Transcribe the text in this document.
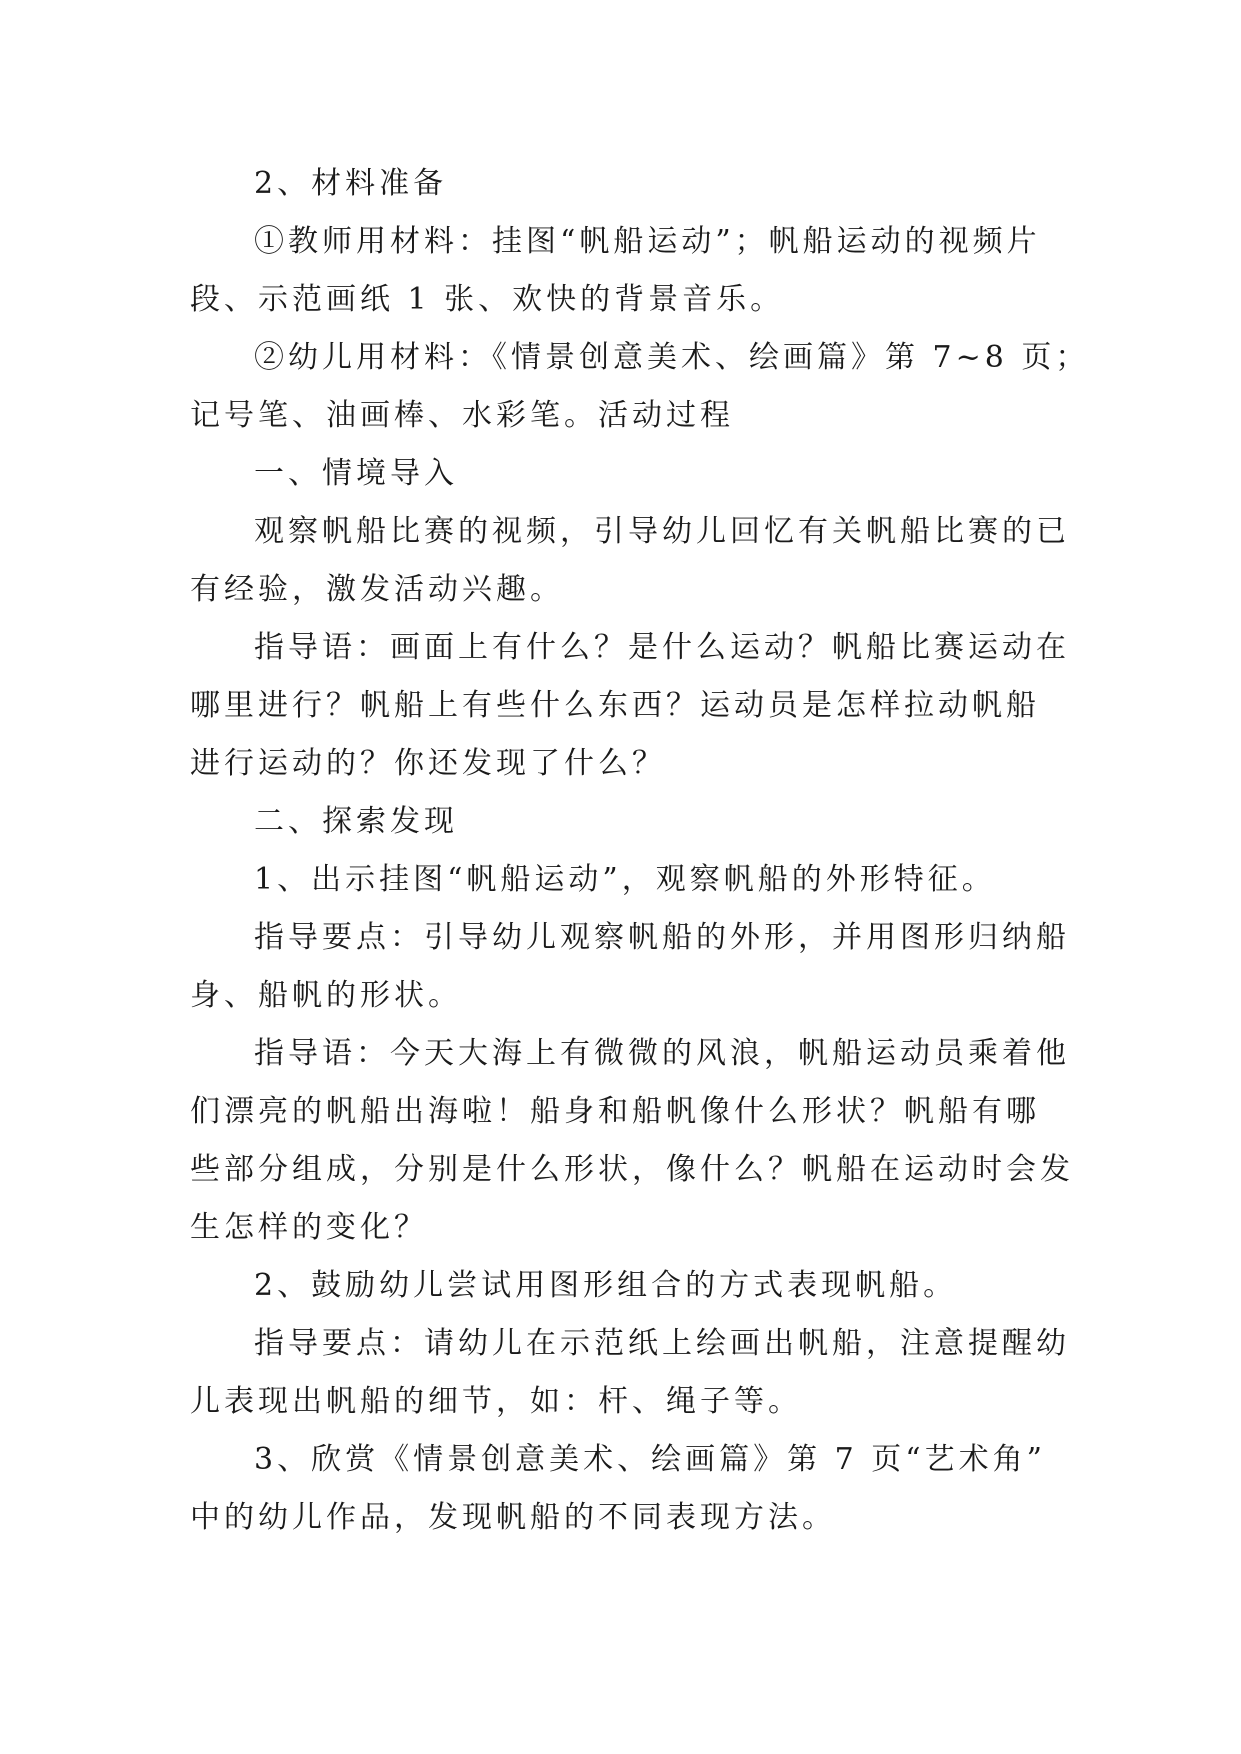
2、材料准备
①教师用材料：挂图“帆船运动”；帆船运动的视频片
段、示范画纸 1 张、欢快的背景音乐。
②幼儿用材料：《情景创意美术、绘画篇》第 7~8 页；
记号笔、油画棒、水彩笔。活动过程
一、情境导入
观察帆船比赛的视频，引导幼儿回忆有关帆船比赛的已
有经验，激发活动兴趣。
指导语：画面上有什么？是什么运动？帆船比赛运动在
哪里进行？帆船上有些什么东西？运动员是怎样拉动帆船
进行运动的？你还发现了什么？
二、探索发现
1、出示挂图“帆船运动”，观察帆船的外形特征。
指导要点：引导幼儿观察帆船的外形，并用图形归纳船
身、船帆的形状。
指导语：今天大海上有微微的风浪，帆船运动员乘着他
们漂亮的帆船出海啦！船身和船帆像什么形状？帆船有哪
些部分组成，分别是什么形状，像什么？帆船在运动时会发
生怎样的变化？
2、鼓励幼儿尝试用图形组合的方式表现帆船。
指导要点：请幼儿在示范纸上绘画出帆船，注意提醒幼
儿表现出帆船的细节，如：杆、绳子等。
3、欣赏《情景创意美术、绘画篇》第 7 页“艺术角”
中的幼儿作品，发现帆船的不同表现方法。
